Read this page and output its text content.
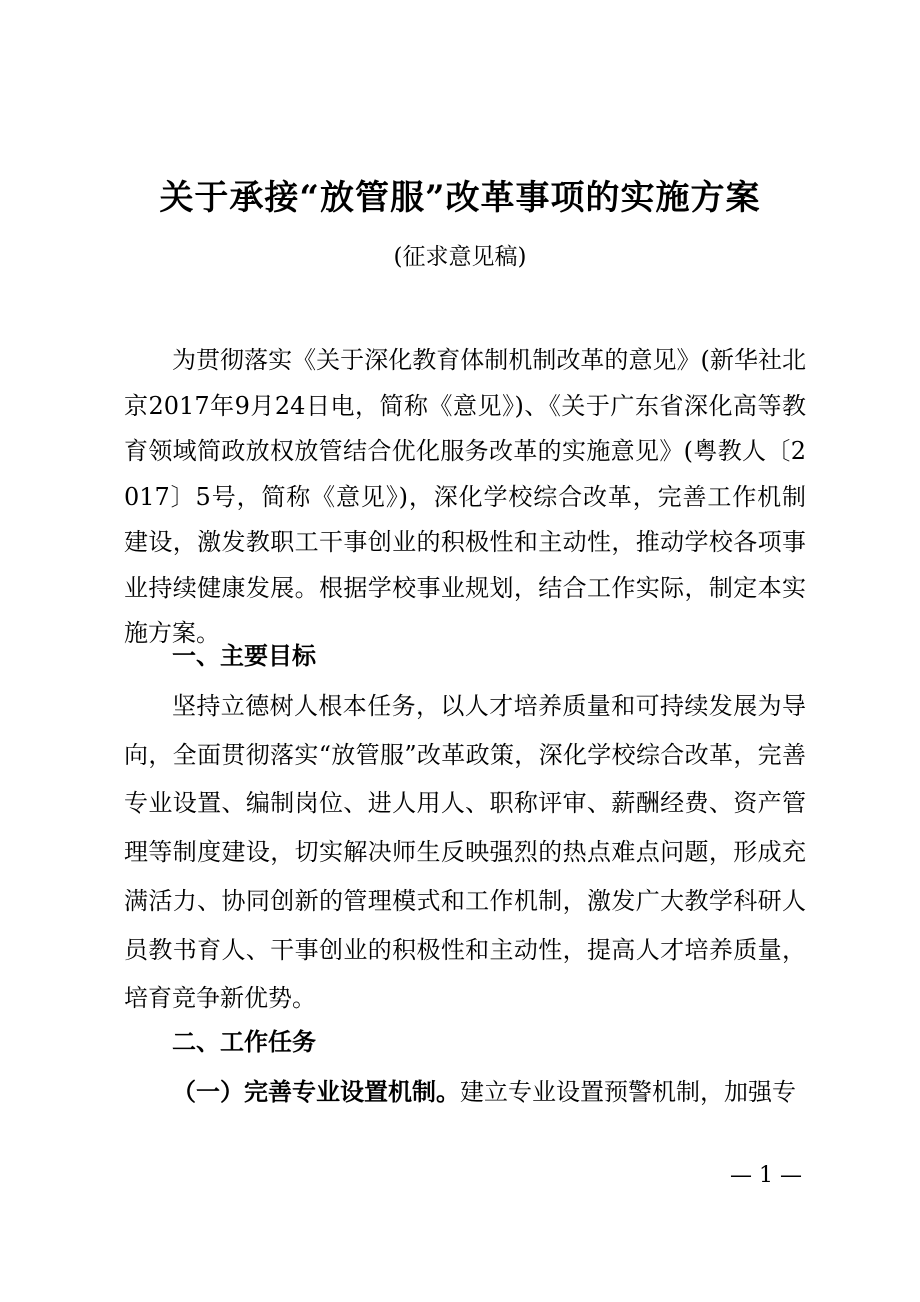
关于承接“放管服”改革事项的实施方案
(征求意见稿)

为贯彻落实《关于深化教育体制机制改革的意见》(新华社北京2017年9月24日电，简称《意见》)、《关于广东省深化高等教育领域简政放权放管结合优化服务改革的实施意见》(粤教人〔2017〕5号，简称《意见》)，深化学校综合改革，完善工作机制建设，激发教职工干事创业的积极性和主动性，推动学校各项事业持续健康发展。根据学校事业规划，结合工作实际，制定本实施方案。

一、主要目标

坚持立德树人根本任务，以人才培养质量和可持续发展为导向，全面贯彻落实“放管服”改革政策，深化学校综合改革，完善专业设置、编制岗位、进人用人、职称评审、薪酬经费、资产管理等制度建设，切实解决师生反映强烈的热点难点问题，形成充满活力、协同创新的管理模式和工作机制，激发广大教学科研人员教书育人、干事创业的积极性和主动性，提高人才培养质量，培育竞争新优势。

二、工作任务

（一）完善专业设置机制。建立专业设置预警机制，加强专

— 1 —
